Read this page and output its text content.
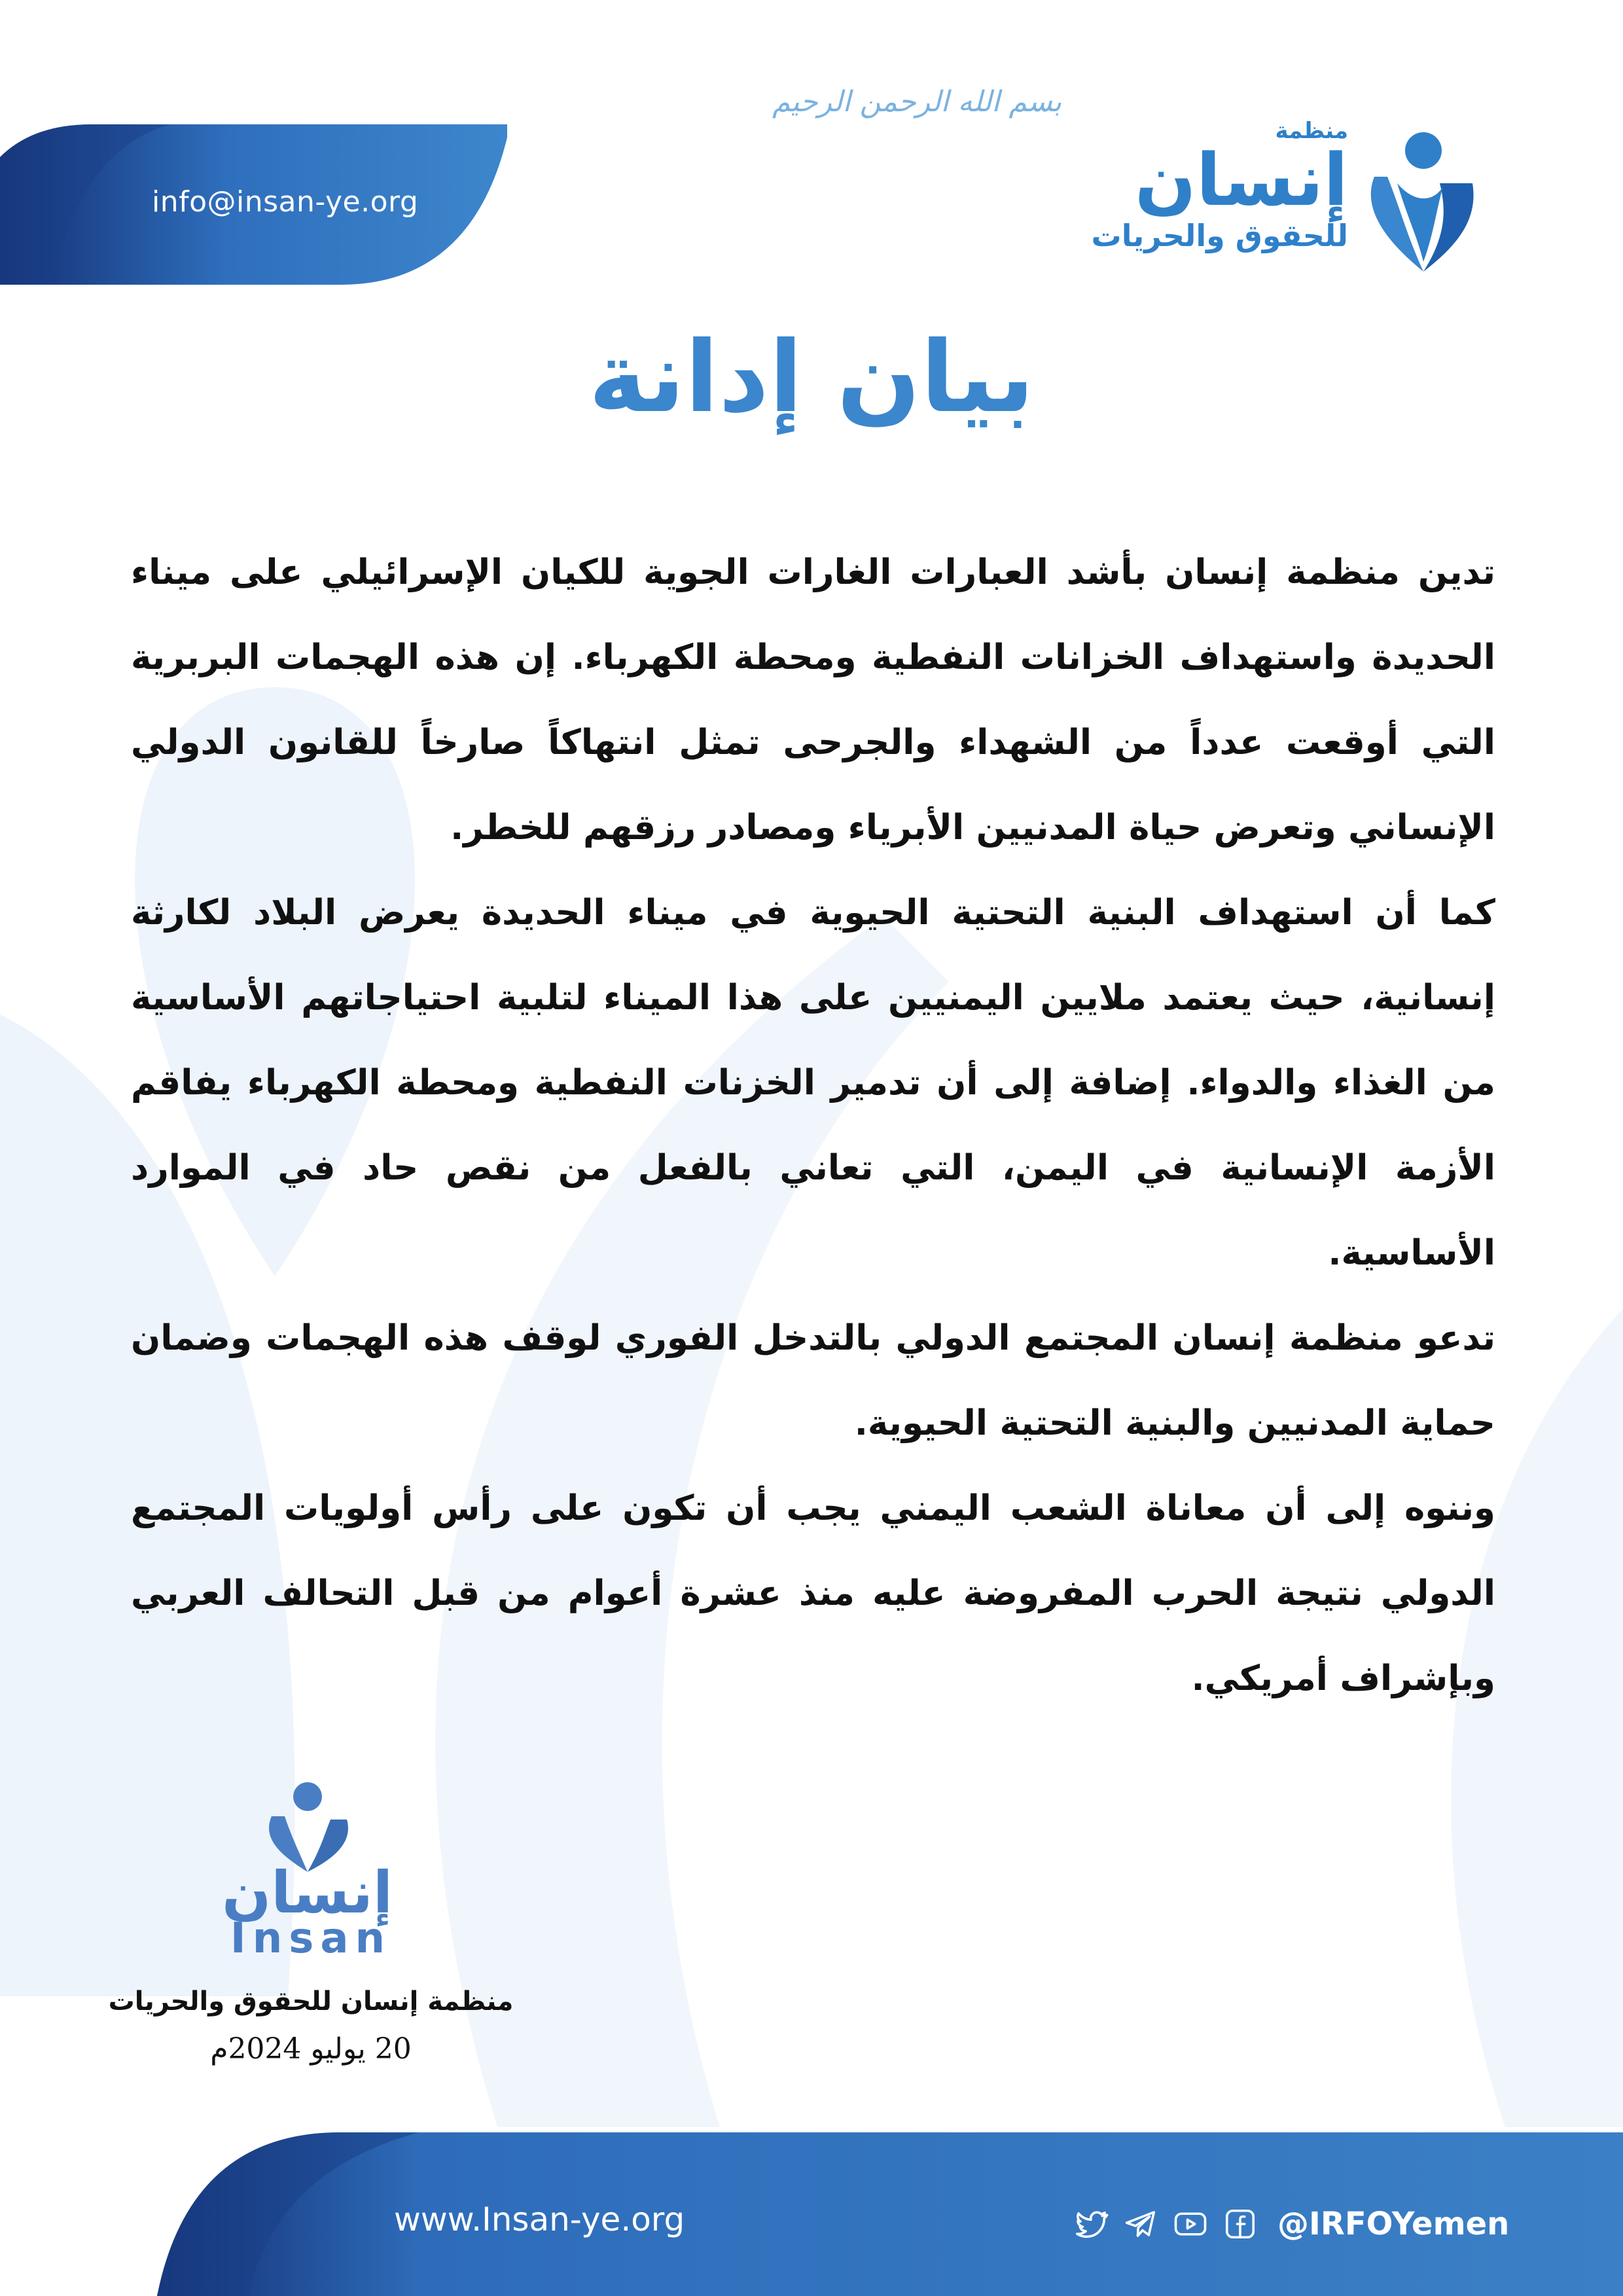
info@insan-ye.org
بسم الله الرحمن الرحيم
منظمة
إنسان
للحقوق والحريات
بيان إدانة

تدين منظمة إنسان بأشد العبارات الغارات الجوية للكيان الإسرائيلي على ميناء الحديدة واستهداف الخزانات النفطية ومحطة الكهرباء. إن هذه الهجمات البربرية التي أوقعت عدداً من الشهداء والجرحى تمثل انتهاكاً صارخاً للقانون الدولي الإنساني وتعرض حياة المدنيين الأبرياء ومصادر رزقهم للخطر.

كما أن استهداف البنية التحتية الحيوية في ميناء الحديدة يعرض البلاد لكارثة إنسانية، حيث يعتمد ملايين اليمنيين على هذا الميناء لتلبية احتياجاتهم الأساسية من الغذاء والدواء. إضافة إلى أن تدمير الخزنات النفطية ومحطة الكهرباء يفاقم الأزمة الإنسانية في اليمن، التي تعاني بالفعل من نقص حاد في الموارد الأساسية.

تدعو منظمة إنسان المجتمع الدولي بالتدخل الفوري لوقف هذه الهجمات وضمان حماية المدنيين والبنية التحتية الحيوية.

وننوه إلى أن معاناة الشعب اليمني يجب أن تكون على رأس أولويات المجتمع الدولي نتيجة الحرب المفروضة عليه منذ عشرة أعوام من قبل التحالف العربي وبإشراف أمريكي.

إنسان
Insan
منظمة إنسان للحقوق والحريات
20 يوليو 2024م
www.Insan-ye.org	@IRFOYemen
